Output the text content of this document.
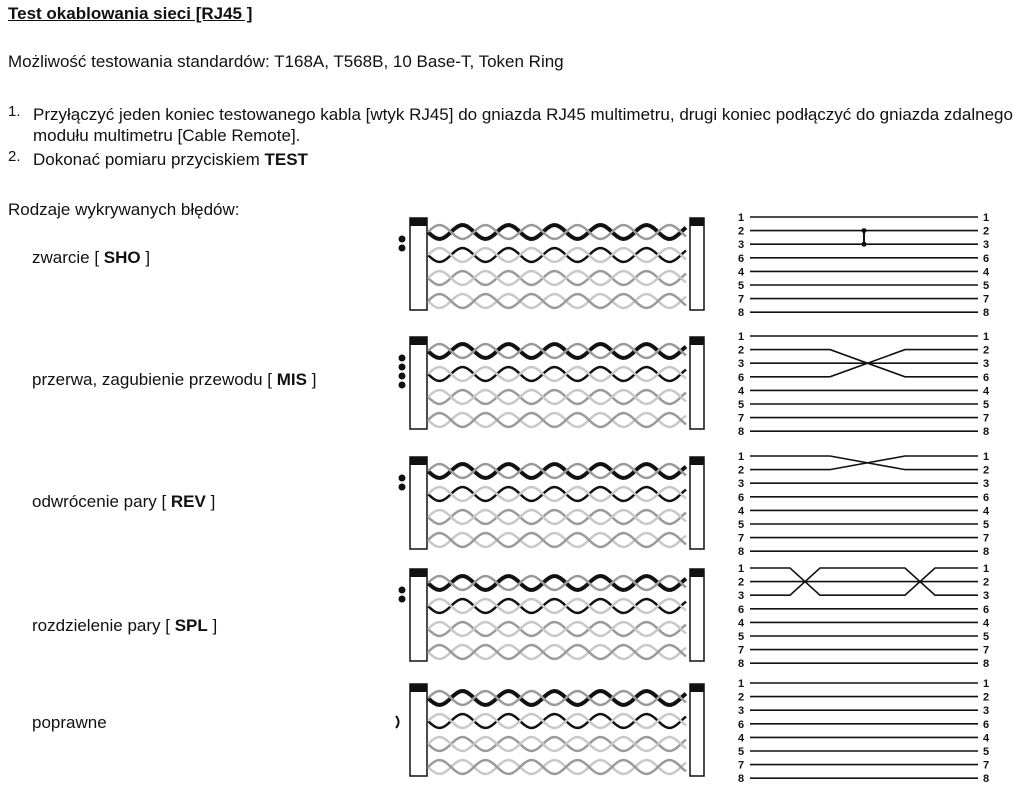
Test okablowania sieci [RJ45 ]
Możliwość testowania standardów: T168A, T568B, 10 Base-T, Token Ring
1. Przyłączyć jeden koniec testowanego kabla [wtyk RJ45] do gniazda RJ45 multimetru, drugi koniec podłączyć do gniazda zdalnego modułu multimetru [Cable Remote].
2. Dokonać pomiaru przyciskiem TEST
Rodzaje wykrywanych błędów:
zwarcie [ SHO ]
przerwa, zagubienie przewodu [ MIS ]
odwrócenie pary [ REV ]
rozdzielenie pary [ SPL ]
poprawne
1	1
2	2
3	3
6	6
4	4
5	5
7	7
8	8
1	1
2	2
3	3
6	6
4	4
5	5
7	7
8	8
1	1
2	2
3	3
6	6
4	4
5	5
7	7
8	8
1	1
2	2
3	3
6	6
4	4
5	5
7	7
8	8
1	1
2	2
3	3
6	6
4	4
5	5
7	7
8	8
